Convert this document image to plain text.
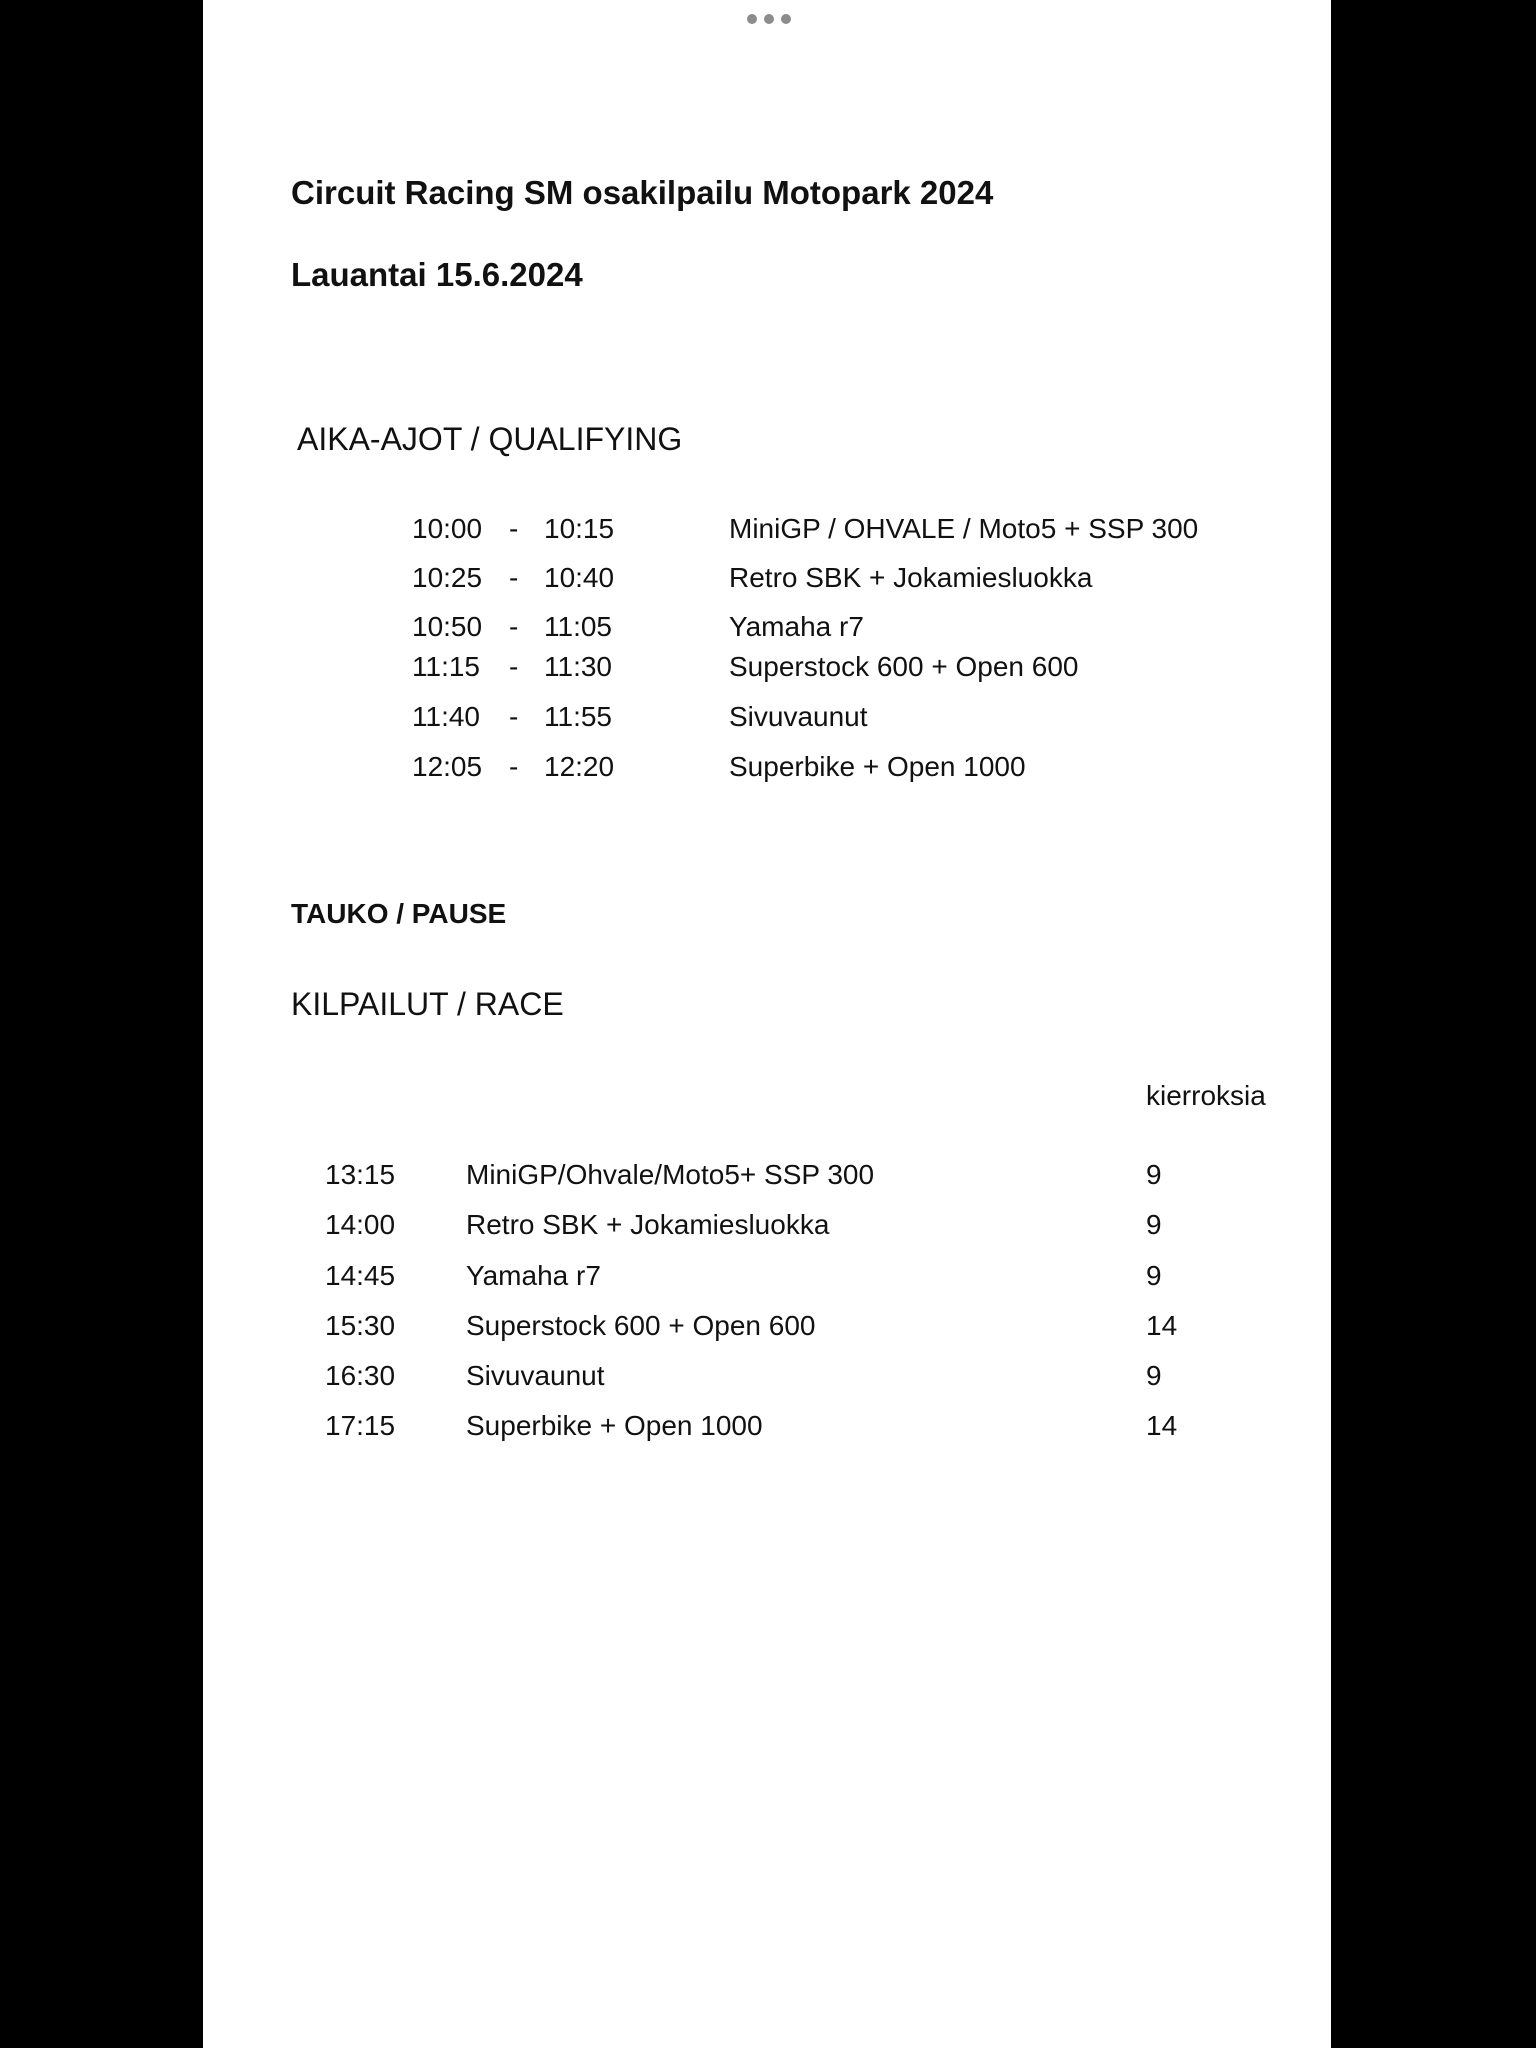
Circuit Racing SM osakilpailu Motopark 2024
Lauantai 15.6.2024
AIKA-AJOT / QUALIFYING
10:00 - 10:15	MiniGP / OHVALE / Moto5 + SSP 300
10:25 - 10:40	Retro SBK + Jokamiesluokka
10:50 - 11:05	Yamaha r7
11:15 - 11:30	Superstock 600 + Open 600
11:40 - 11:55	Sivuvaunut
12:05 - 12:20	Superbike + Open 1000
TAUKO / PAUSE
KILPAILUT / RACE
kierroksia
13:15	MiniGP/Ohvale/Moto5+ SSP 300	9
14:00	Retro SBK + Jokamiesluokka	9
14:45	Yamaha r7	9
15:30	Superstock 600 + Open 600	14
16:30	Sivuvaunut	9
17:15	Superbike + Open 1000	14
